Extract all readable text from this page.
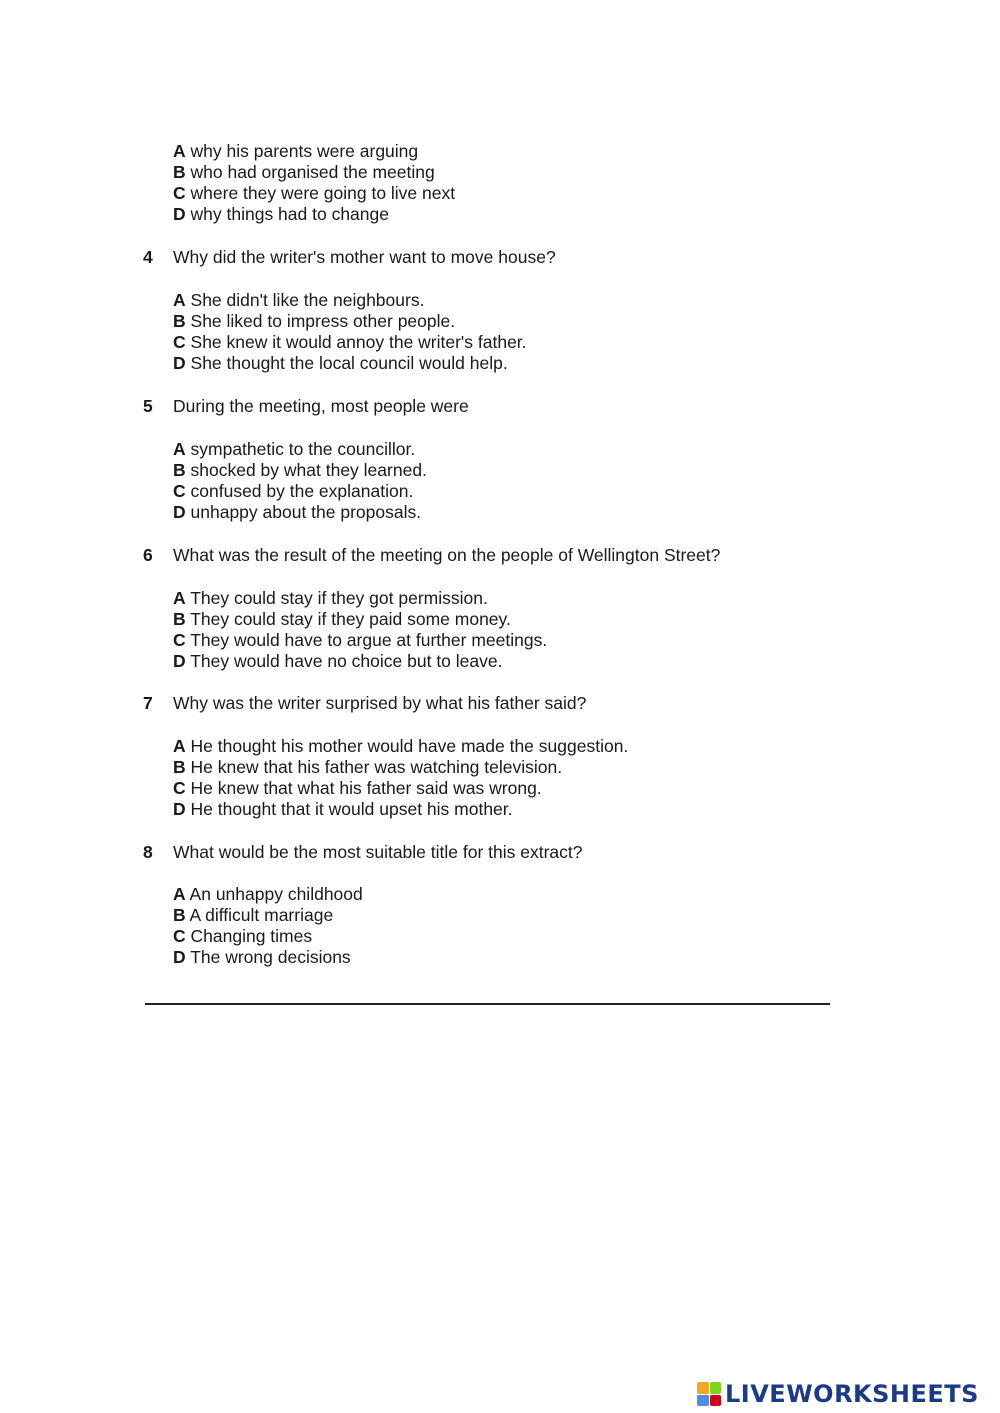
A why his parents were arguing
B who had organised the meeting
C where they were going to live next
D why things had to change
4 Why did the writer's mother want to move house?
A She didn't like the neighbours.
B She liked to impress other people.
C She knew it would annoy the writer's father.
D She thought the local council would help.
5 During the meeting, most people were
A sympathetic to the councillor.
B shocked by what they learned.
C confused by the explanation.
D unhappy about the proposals.
6 What was the result of the meeting on the people of Wellington Street?
A They could stay if they got permission.
B They could stay if they paid some money.
C They would have to argue at further meetings.
D They would have no choice but to leave.
7 Why was the writer surprised by what his father said?
A He thought his mother would have made the suggestion.
B He knew that his father was watching television.
C He knew that what his father said was wrong.
D He thought that it would upset his mother.
8 What would be the most suitable title for this extract?
A An unhappy childhood
B A difficult marriage
C Changing times
D The wrong decisions
LIVEWORKSHEETS
